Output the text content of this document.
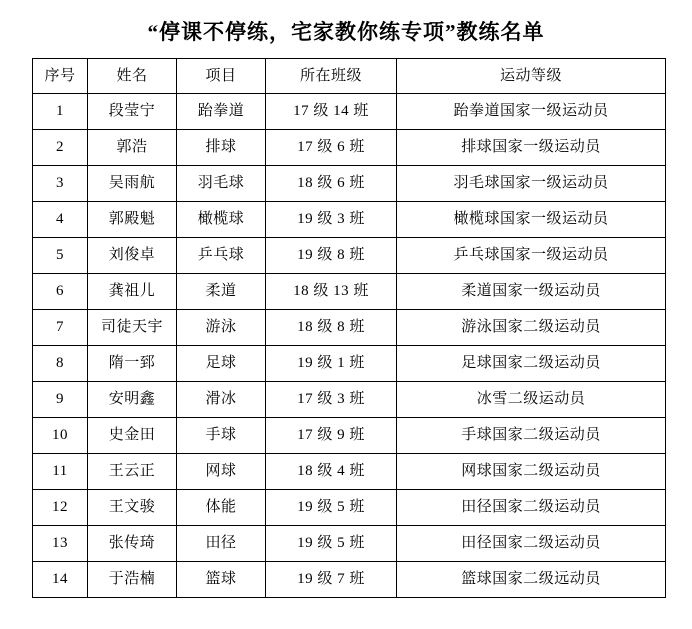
“停课不停练，宅家教你练专项”教练名单
序号	姓名	项目	所在班级	运动等级
1	段莹宁	跆拳道	17 级 14 班	跆拳道国家一级运动员
2	郭浩	排球	17 级 6 班	排球国家一级运动员
3	吴雨航	羽毛球	18 级 6 班	羽毛球国家一级运动员
4	郭殿魁	橄榄球	19 级 3 班	橄榄球国家一级运动员
5	刘俊卓	乒乓球	19 级 8 班	乒乓球国家一级运动员
6	龚祖儿	柔道	18 级 13 班	柔道国家一级运动员
7	司徒天宇	游泳	18 级 8 班	游泳国家二级运动员
8	隋一郅	足球	19 级 1 班	足球国家二级运动员
9	安明鑫	滑冰	17 级 3 班	冰雪二级运动员
10	史金田	手球	17 级 9 班	手球国家二级运动员
11	王云正	网球	18 级 4 班	网球国家二级运动员
12	王文骏	体能	19 级 5 班	田径国家二级运动员
13	张传琦	田径	19 级 5 班	田径国家二级运动员
14	于浩楠	篮球	19 级 7 班	篮球国家二级远动员
